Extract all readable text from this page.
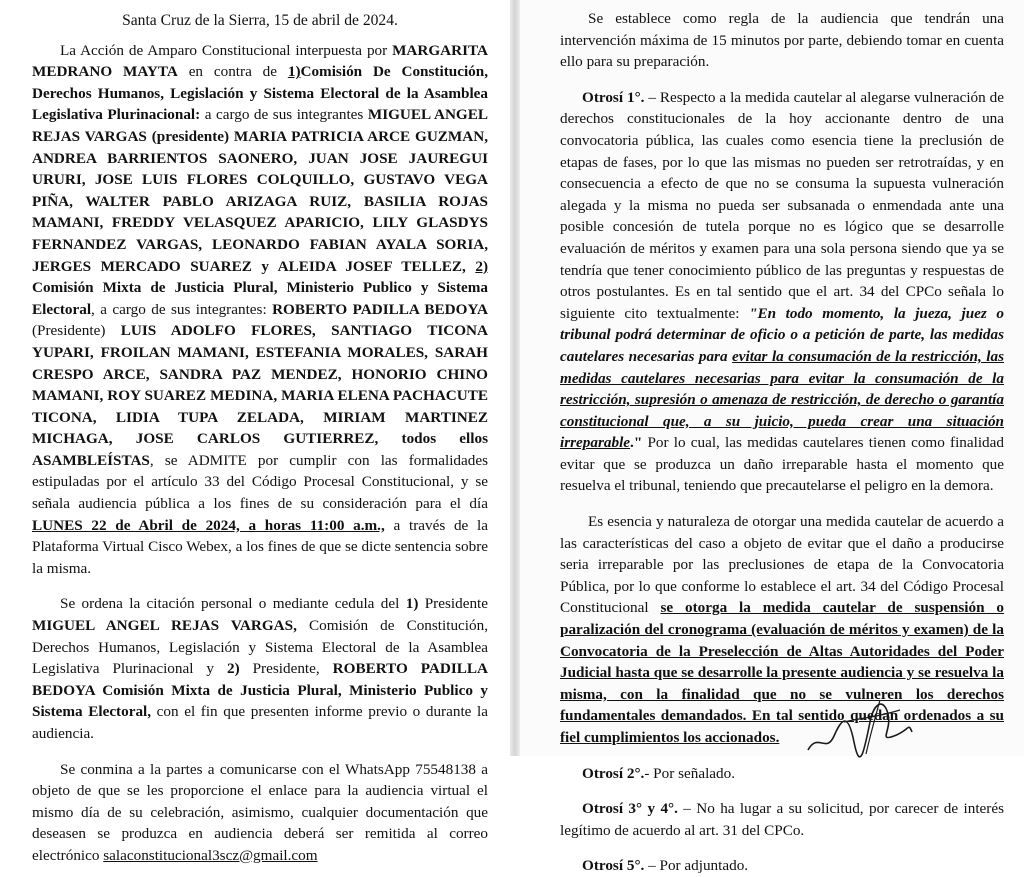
Santa Cruz de la Sierra, 15 de abril de 2024.
La Acción de Amparo Constitucional interpuesta por MARGARITA MEDRANO MAYTA en contra de 1)Comisión De Constitución, Derechos Humanos, Legislación y Sistema Electoral de la Asamblea Legislativa Plurinacional: a cargo de sus integrantes MIGUEL ANGEL REJAS VARGAS (presidente) MARIA PATRICIA ARCE GUZMAN, ANDREA BARRIENTOS SAONERO, JUAN JOSE JAUREGUI URURI, JOSE LUIS FLORES COLQUILLO, GUSTAVO VEGA PIÑA, WALTER PABLO ARIZAGA RUIZ, BASILIA ROJAS MAMANI, FREDDY VELASQUEZ APARICIO, LILY GLASDYS FERNANDEZ VARGAS, LEONARDO FABIAN AYALA SORIA, JERGES MERCADO SUAREZ y ALEIDA JOSEF TELLEZ, 2) Comisión Mixta de Justicia Plural, Ministerio Publico y Sistema Electoral, a cargo de sus integrantes: ROBERTO PADILLA BEDOYA (Presidente) LUIS ADOLFO FLORES, SANTIAGO TICONA YUPARI, FROILAN MAMANI, ESTEFANIA MORALES, SARAH CRESPO ARCE, SANDRA PAZ MENDEZ, HONORIO CHINO MAMANI, ROY SUAREZ MEDINA, MARIA ELENA PACHACUTE TICONA, LIDIA TUPA ZELADA, MIRIAM MARTINEZ MICHAGA, JOSE CARLOS GUTIERREZ, todos ellos ASAMBLEÍSTAS, se ADMITE por cumplir con las formalidades estipuladas por el artículo 33 del Código Procesal Constitucional, y se señala audiencia pública a los fines de su consideración para el día LUNES 22 de Abril de 2024, a horas 11:00 a.m., a través de la Plataforma Virtual Cisco Webex, a los fines de que se dicte sentencia sobre la misma.
Se ordena la citación personal o mediante cedula del 1) Presidente MIGUEL ANGEL REJAS VARGAS, Comisión de Constitución, Derechos Humanos, Legislación y Sistema Electoral de la Asamblea Legislativa Plurinacional y 2) Presidente, ROBERTO PADILLA BEDOYA Comisión Mixta de Justicia Plural, Ministerio Publico y Sistema Electoral, con el fin que presenten informe previo o durante la audiencia.
Se conmina a la partes a comunicarse con el WhatsApp 75548138 a objeto de que se les proporcione el enlace para la audiencia virtual el mismo día de su celebración, asimismo, cualquier documentación que deseasen se produzca en audiencia deberá ser remitida al correo electrónico salaconstitucional3scz@gmail.com
Se establece como regla de la audiencia que tendrán una intervención máxima de 15 minutos por parte, debiendo tomar en cuenta ello para su preparación.
Otrosí 1°. – Respecto a la medida cautelar al alegarse vulneración de derechos constitucionales de la hoy accionante dentro de una convocatoria pública, las cuales como esencia tiene la preclusión de etapas de fases, por lo que las mismas no pueden ser retrotraídas, y en consecuencia a efecto de que no se consuma la supuesta vulneración alegada y la misma no pueda ser subsanada o enmendada ante una posible concesión de tutela porque no es lógico que se desarrolle evaluación de méritos y examen para una sola persona siendo que ya se tendría que tener conocimiento público de las preguntas y respuestas de otros postulantes. Es en tal sentido que el art. 34 del CPCo señala lo siguiente cito textualmente: "En todo momento, la jueza, juez o tribunal podrá determinar de oficio o a petición de parte, las medidas cautelares necesarias para evitar la consumación de la restricción, las medidas cautelares necesarias para evitar la consumación de la restricción, supresión o amenaza de restricción, de derecho o garantía constitucional que, a su juicio, pueda crear una situación irreparable." Por lo cual, las medidas cautelares tienen como finalidad evitar que se produzca un daño irreparable hasta el momento que resuelva el tribunal, teniendo que precautelarse el peligro en la demora.
Es esencia y naturaleza de otorgar una medida cautelar de acuerdo a las características del caso a objeto de evitar que el daño a producirse seria irreparable por las preclusiones de etapa de la Convocatoria Pública, por lo que conforme lo establece el art. 34 del Código Procesal Constitucional se otorga la medida cautelar de suspensión o paralización del cronograma (evaluación de méritos y examen) de la Convocatoria de la Preselección de Altas Autoridades del Poder Judicial hasta que se desarrolle la presente audiencia y se resuelva la misma, con la finalidad que no se vulneren los derechos fundamentales demandados. En tal sentido quedan ordenados a su fiel cumplimientos los accionados.
Otrosí 2°.- Por señalado.
Otrosí 3° y 4°. – No ha lugar a su solicitud, por carecer de interés legítimo de acuerdo al art. 31 del CPCo.
Otrosí 5°. – Por adjuntado.
